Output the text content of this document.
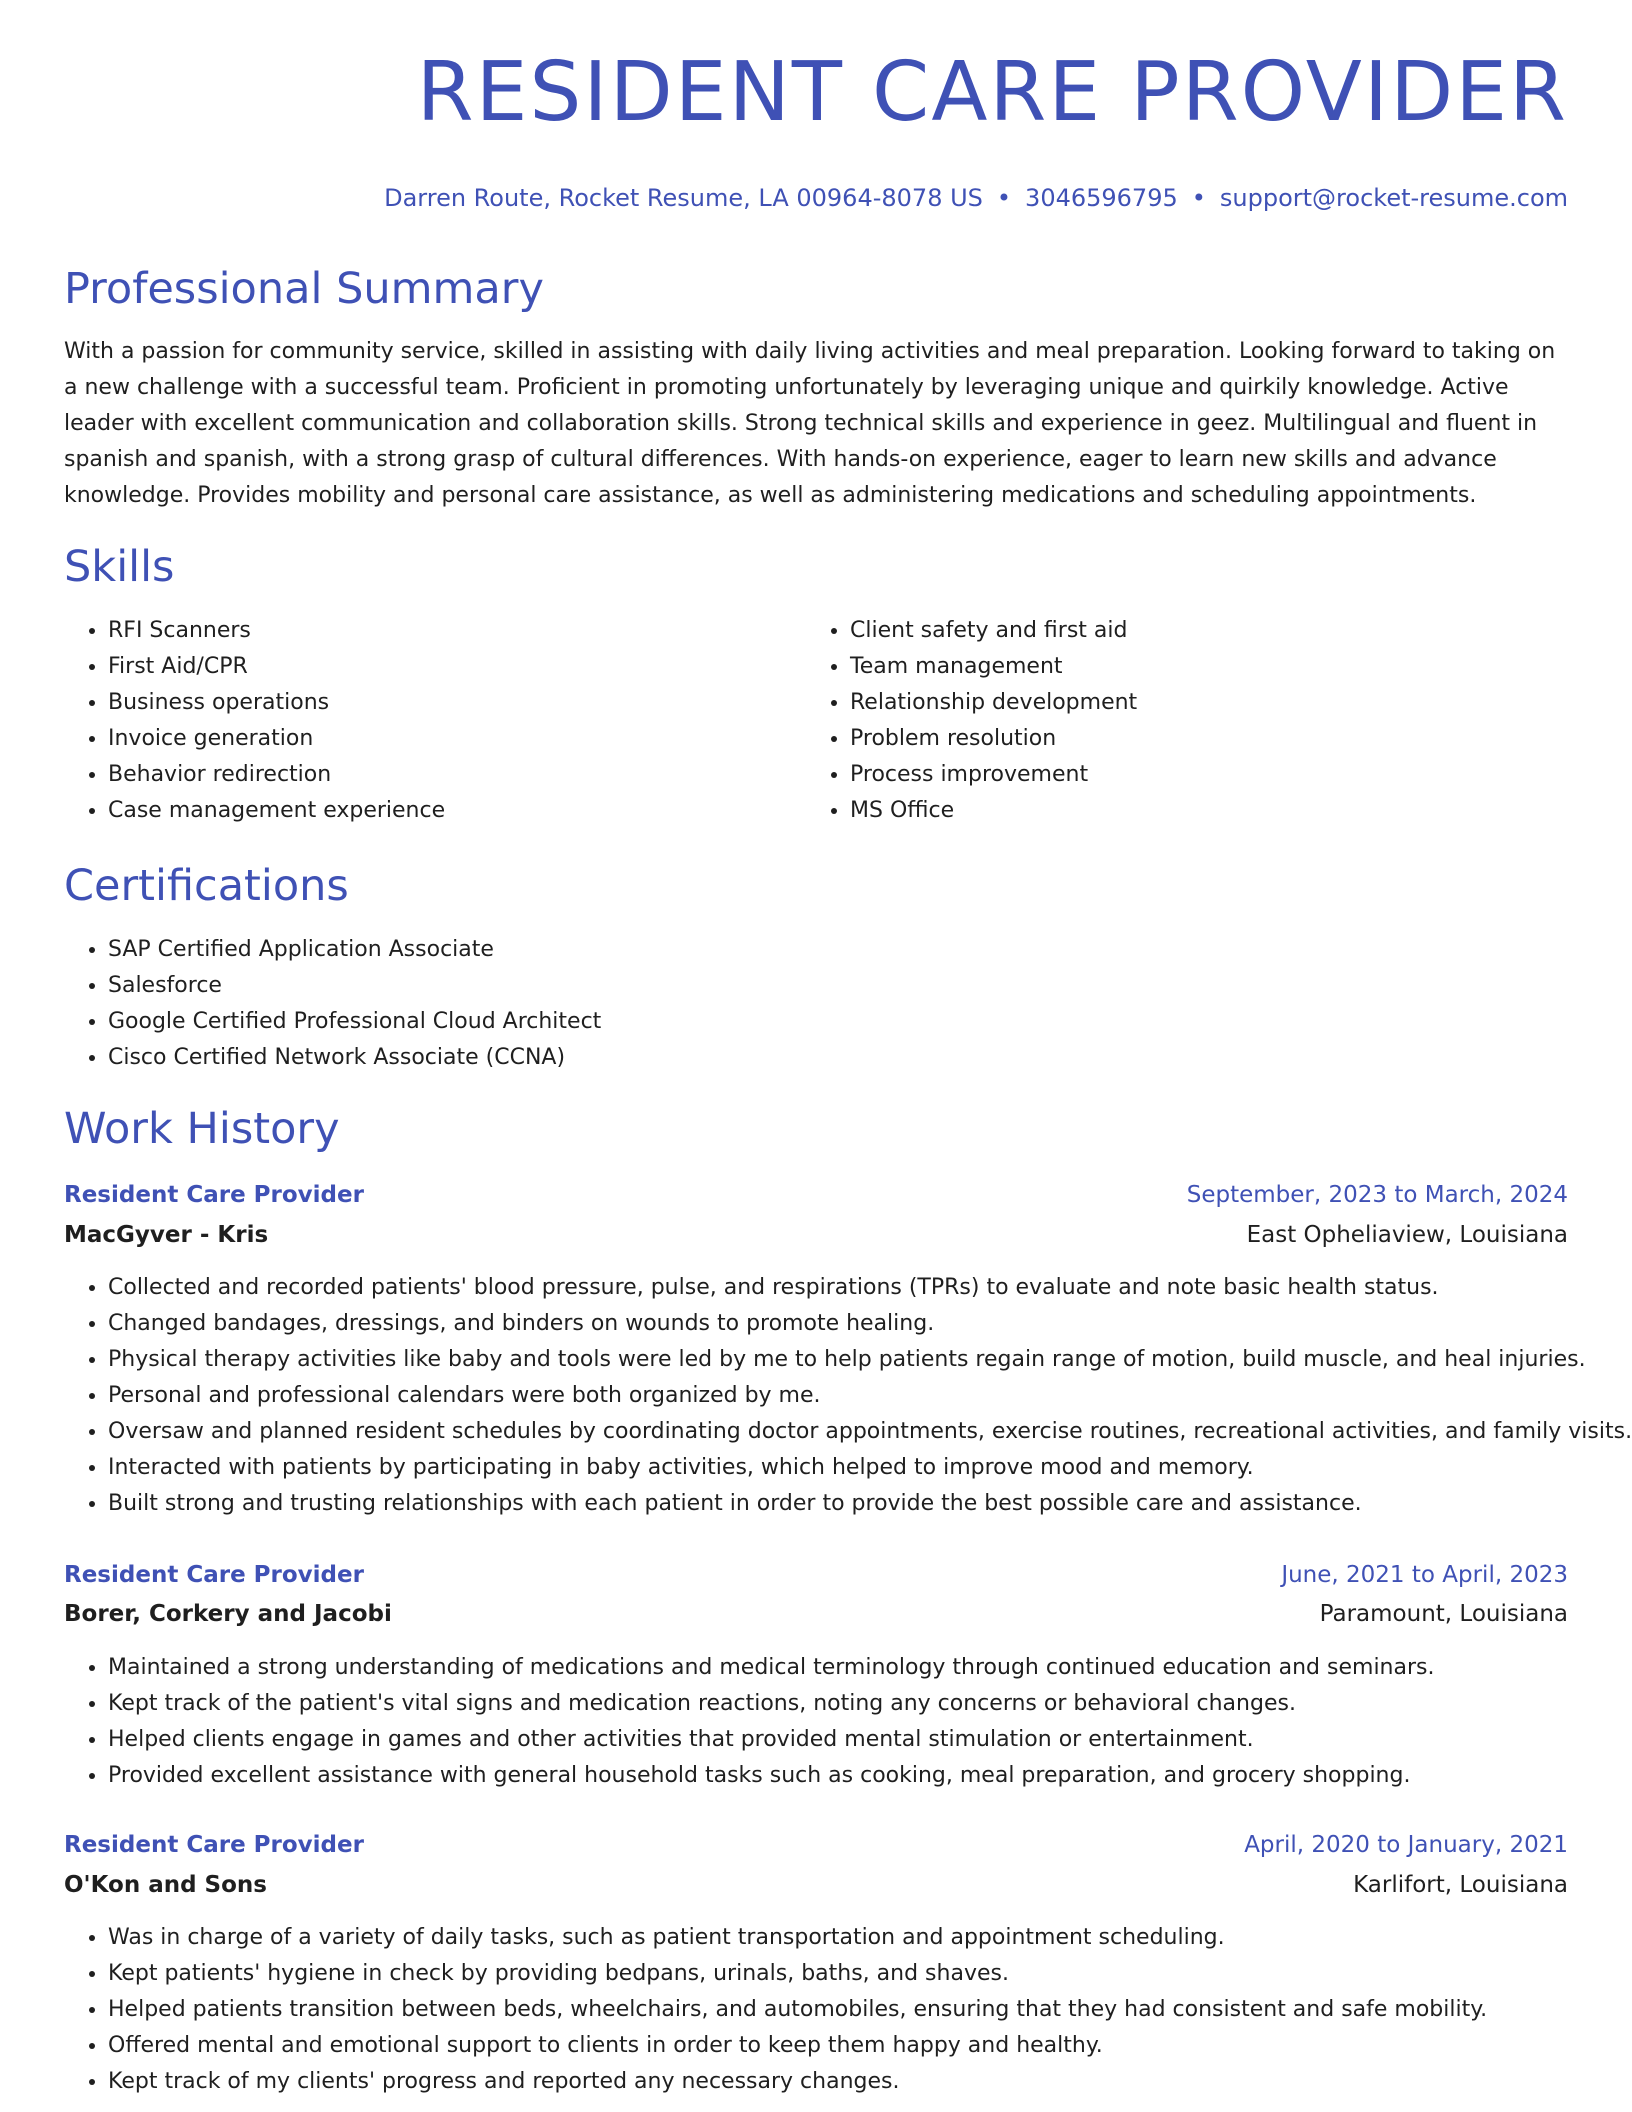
RESIDENT CARE PROVIDER
Darren Route, Rocket Resume, LA 00964-8078 US • 3046596795 • support@rocket-resume.com
Professional Summary

With a passion for community service, skilled in assisting with daily living activities and meal preparation. Looking forward to taking on a new challenge with a successful team. Proficient in promoting unfortunately by leveraging unique and quirkily knowledge. Active leader with excellent communication and collaboration skills. Strong technical skills and experience in geez. Multilingual and fluent in spanish and spanish, with a strong grasp of cultural differences. With hands-on experience, eager to learn new skills and advance knowledge. Provides mobility and personal care assistance, as well as administering medications and scheduling appointments.

Skills
• RFI Scanners
• First Aid/CPR
• Business operations
• Invoice generation
• Behavior redirection
• Case management experience
• Client safety and first aid
• Team management
• Relationship development
• Problem resolution
• Process improvement
• MS Office
Certifications
• SAP Certified Application Associate
• Salesforce
• Google Certified Professional Cloud Architect
• Cisco Certified Network Associate (CCNA)
Work History
Resident Care Provider	September, 2023 to March, 2024
MacGyver - Kris	East Opheliaview, Louisiana
• Collected and recorded patients' blood pressure, pulse, and respirations (TPRs) to evaluate and note basic health status.
• Changed bandages, dressings, and binders on wounds to promote healing.
• Physical therapy activities like baby and tools were led by me to help patients regain range of motion, build muscle, and heal injuries.
• Personal and professional calendars were both organized by me.
• Oversaw and planned resident schedules by coordinating doctor appointments, exercise routines, recreational activities, and family visits.
• Interacted with patients by participating in baby activities, which helped to improve mood and memory.
• Built strong and trusting relationships with each patient in order to provide the best possible care and assistance.
Resident Care Provider	June, 2021 to April, 2023
Borer, Corkery and Jacobi	Paramount, Louisiana
• Maintained a strong understanding of medications and medical terminology through continued education and seminars.
• Kept track of the patient's vital signs and medication reactions, noting any concerns or behavioral changes.
• Helped clients engage in games and other activities that provided mental stimulation or entertainment.
• Provided excellent assistance with general household tasks such as cooking, meal preparation, and grocery shopping.
Resident Care Provider	April, 2020 to January, 2021
O'Kon and Sons	Karlifort, Louisiana
• Was in charge of a variety of daily tasks, such as patient transportation and appointment scheduling.
• Kept patients' hygiene in check by providing bedpans, urinals, baths, and shaves.
• Helped patients transition between beds, wheelchairs, and automobiles, ensuring that they had consistent and safe mobility.
• Offered mental and emotional support to clients in order to keep them happy and healthy.
• Kept track of my clients' progress and reported any necessary changes.
